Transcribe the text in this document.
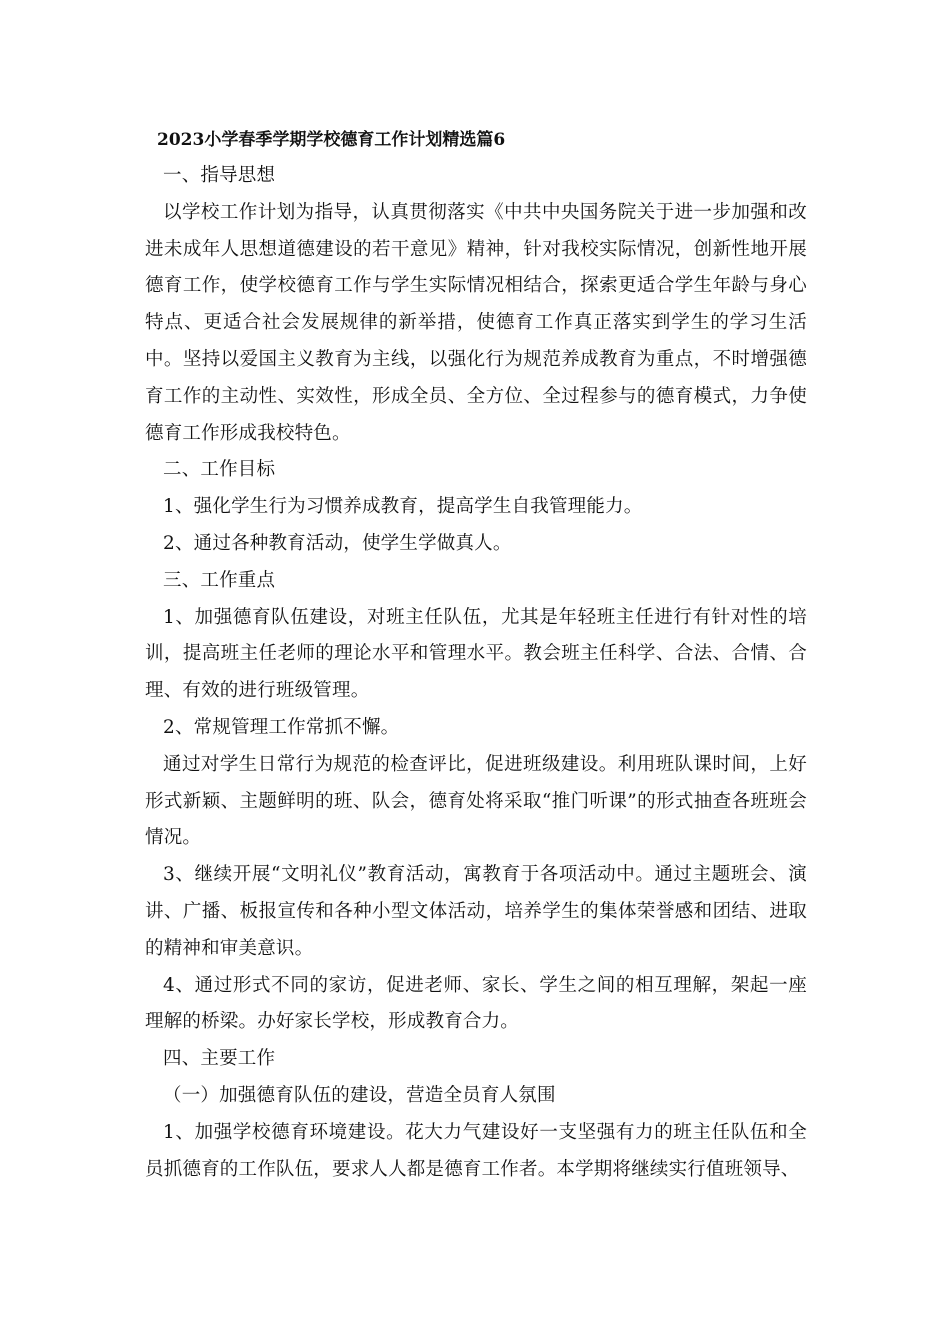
2023小学春季学期学校德育工作计划精选篇6

一、指导思想

以学校工作计划为指导，认真贯彻落实《中共中央国务院关于进一步加强和改进未成年人思想道德建设的若干意见》精神，针对我校实际情况，创新性地开展德育工作，使学校德育工作与学生实际情况相结合，探索更适合学生年龄与身心特点、更适合社会发展规律的新举措，使德育工作真正落实到学生的学习生活中。坚持以爱国主义教育为主线，以强化行为规范养成教育为重点，不时增强德育工作的主动性、实效性，形成全员、全方位、全过程参与的德育模式，力争使德育工作形成我校特色。

二、工作目标

1、强化学生行为习惯养成教育，提高学生自我管理能力。

2、通过各种教育活动，使学生学做真人。

三、工作重点

1、加强德育队伍建设，对班主任队伍，尤其是年轻班主任进行有针对性的培训，提高班主任老师的理论水平和管理水平。教会班主任科学、合法、合情、合理、有效的进行班级管理。

2、常规管理工作常抓不懈。

通过对学生日常行为规范的检查评比，促进班级建设。利用班队课时间，上好形式新颖、主题鲜明的班、队会，德育处将采取“推门听课”的形式抽查各班班会情况。

3、继续开展“文明礼仪”教育活动，寓教育于各项活动中。通过主题班会、演讲、广播、板报宣传和各种小型文体活动，培养学生的集体荣誉感和团结、进取的精神和审美意识。

4、通过形式不同的家访，促进老师、家长、学生之间的相互理解，架起一座理解的桥梁。办好家长学校，形成教育合力。

四、主要工作

（一）加强德育队伍的建设，营造全员育人氛围

1、加强学校德育环境建设。花大力气建设好一支坚强有力的班主任队伍和全员抓德育的工作队伍，要求人人都是德育工作者。本学期将继续实行值班领导、
